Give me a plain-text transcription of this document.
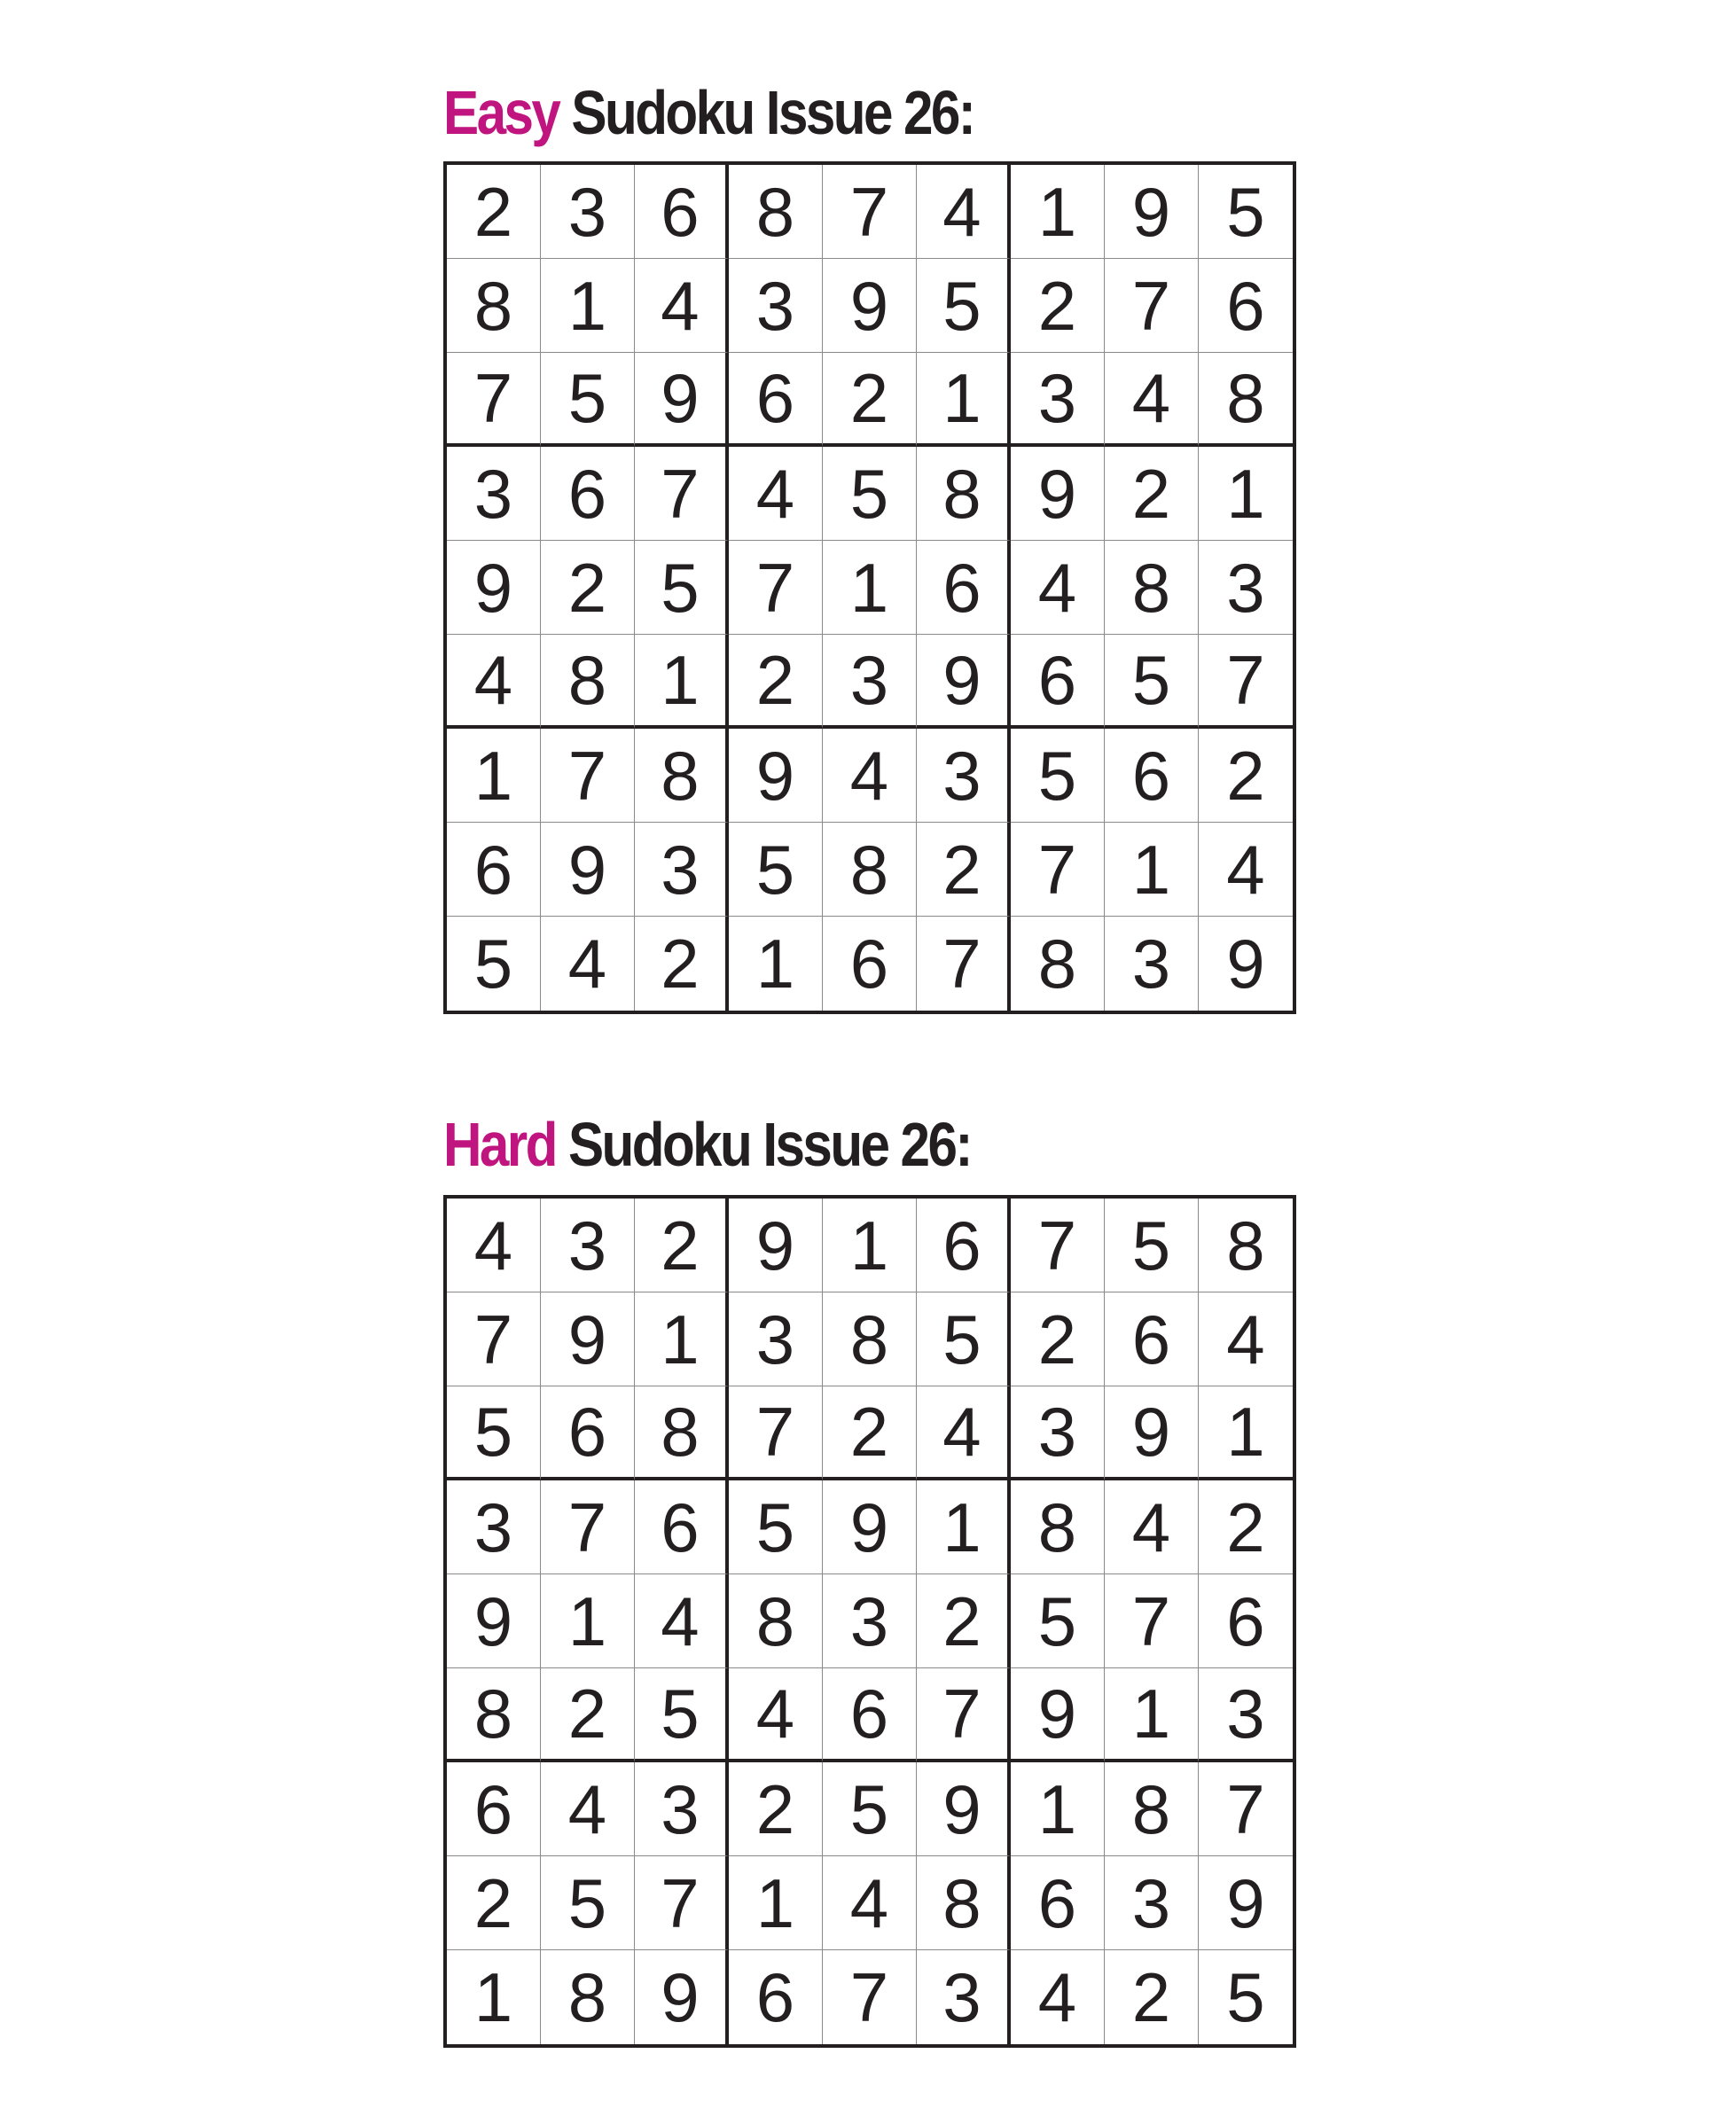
Easy Sudoku Issue 26:
2 3 6 8 7 4 1 9 5
8 1 4 3 9 5 2 7 6
7 5 9 6 2 1 3 4 8
3 6 7 4 5 8 9 2 1
9 2 5 7 1 6 4 8 3
4 8 1 2 3 9 6 5 7
1 7 8 9 4 3 5 6 2
6 9 3 5 8 2 7 1 4
5 4 2 1 6 7 8 3 9
Hard Sudoku Issue 26:
4 3 2 9 1 6 7 5 8
7 9 1 3 8 5 2 6 4
5 6 8 7 2 4 3 9 1
3 7 6 5 9 1 8 4 2
9 1 4 8 3 2 5 7 6
8 2 5 4 6 7 9 1 3
6 4 3 2 5 9 1 8 7
2 5 7 1 4 8 6 3 9
1 8 9 6 7 3 4 2 5
